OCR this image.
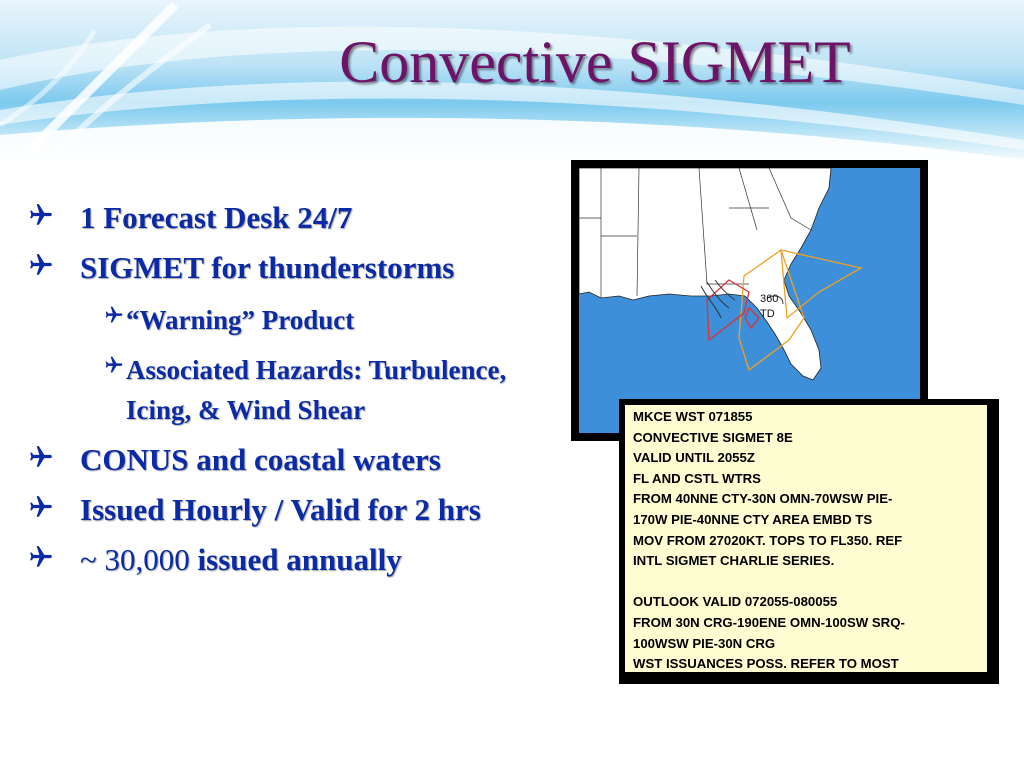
Convective SIGMET
1 Forecast Desk 24/7
SIGMET for thunderstorms
“Warning” Product
Associated Hazards: Turbulence, Icing, & Wind Shear
CONUS and coastal waters
Issued Hourly / Valid for 2 hrs
~ 30,000 issued annually
360
TD
MKCE WST 071855
CONVECTIVE SIGMET 8E
VALID UNTIL 2055Z
FL AND CSTL WTRS
FROM 40NNE CTY-30N OMN-70WSW PIE-
170W PIE-40NNE CTY AREA EMBD TS
MOV FROM 27020KT. TOPS TO FL350. REF
INTL SIGMET CHARLIE SERIES.
OUTLOOK VALID 072055-080055
FROM 30N CRG-190ENE OMN-100SW SRQ-
100WSW PIE-30N CRG
WST ISSUANCES POSS. REFER TO MOST
